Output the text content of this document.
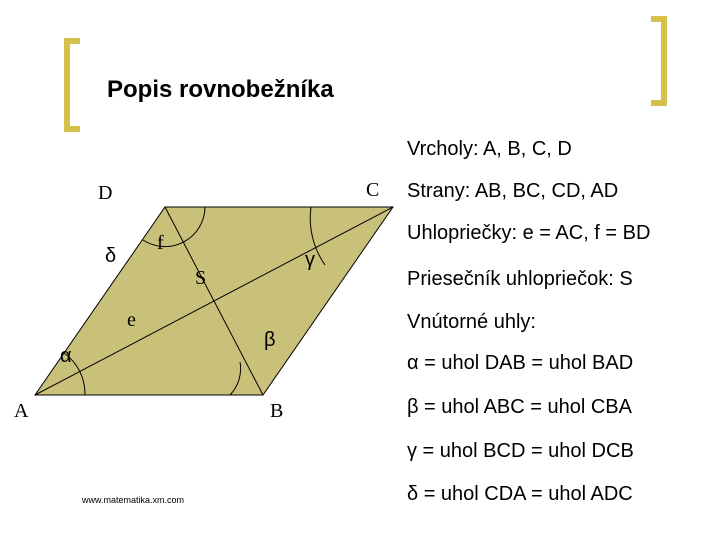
Popis rovnobežníka
A	B
C
D
e
f
S
α
β
γ
δ
www.matematika.xm.com
Vrcholy: A, B, C, D
Strany: AB, BC, CD, AD
Uhlopriečky: e = AC, f = BD
Priesečník uhlopriečok: S
Vnútorné uhly:
α = uhol DAB = uhol BAD
β = uhol ABC = uhol CBA
γ = uhol BCD = uhol DCB
δ = uhol CDA = uhol ADC
